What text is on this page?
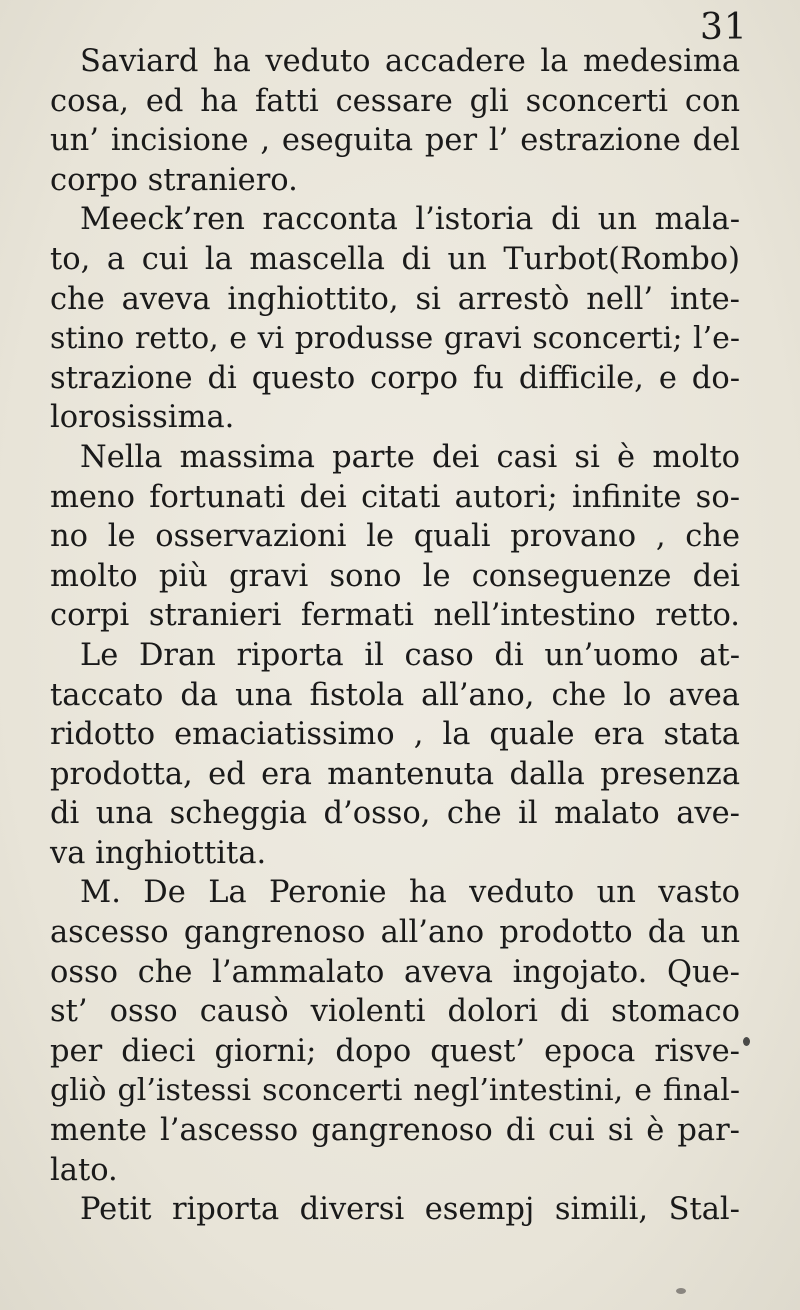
31
Saviard ha veduto accadere la medesima
cosa, ed ha fatti cessare gli sconcerti con
un’ incisione , eseguita per l’ estrazione del
corpo straniero.
Meeck’ren racconta l’istoria di un mala-
to, a cui la mascella di un Turbot(Rombo)
che aveva inghiottito, si arrestò nell’ inte-
stino retto, e vi produsse gravi sconcerti; l’e-
strazione di questo corpo fu difficile, e do-
lorosissima.
Nella massima parte dei casi si è molto
meno fortunati dei citati autori; infinite so-
no le osservazioni le quali provano , che
molto più gravi sono le conseguenze dei
corpi stranieri fermati nell’intestino retto.
Le Dran riporta il caso di un’uomo at-
taccato da una fistola all’ano, che lo avea
ridotto emaciatissimo , la quale era stata
prodotta, ed era mantenuta dalla presenza
di una scheggia d’osso, che il malato ave-
va inghiottita.
M. De La Peronie ha veduto un vasto
ascesso gangrenoso all’ano prodotto da un
osso che l’ammalato aveva ingojato. Que-
st’ osso causò violenti dolori di stomaco
per dieci giorni; dopo quest’ epoca risve-
gliò gl’istessi sconcerti negl’intestini, e final-
mente l’ascesso gangrenoso di cui si è par-
lato.
Petit riporta diversi esempj simili, Stal-
